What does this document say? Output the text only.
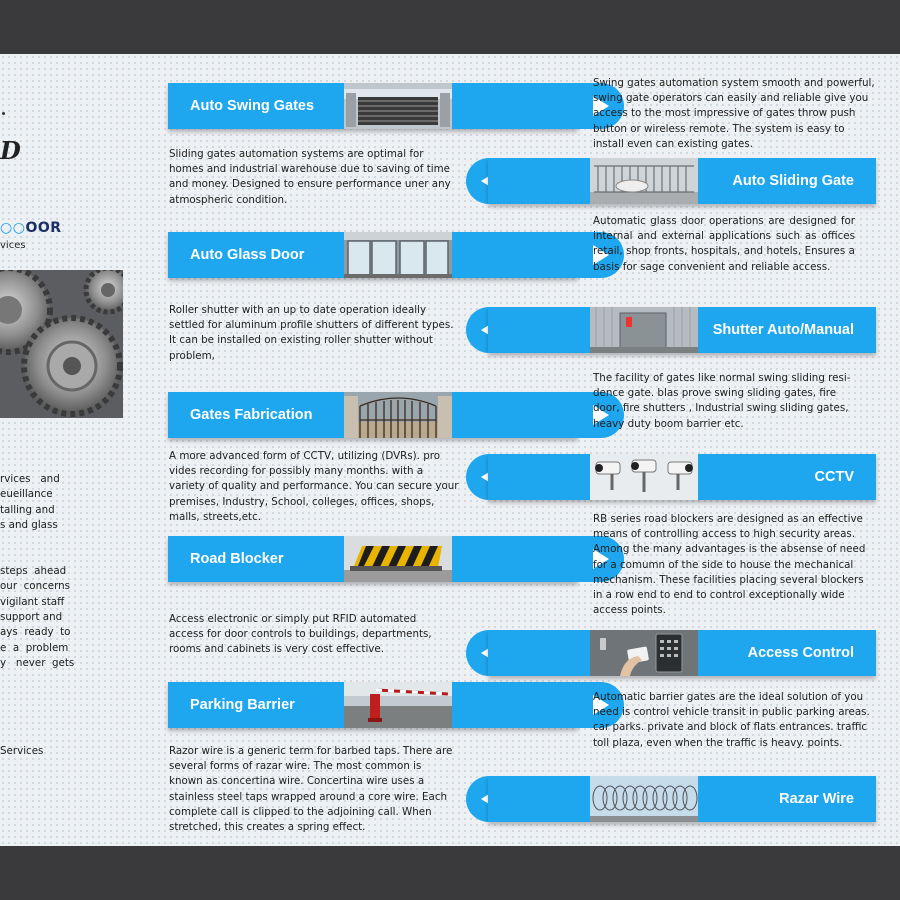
D
○○OOR
vices
rvices   and
eueillance
talling and
s and glass
steps  ahead
our  concerns
vigilant staff
support and
ays  ready  to
e  a  problem
y   never  gets
Services
Auto Swing Gates
Sliding gates automation systems are optimal for homes and industrial warehouse due to saving of time and money. Designed to ensure performance uner any atmospheric condition.
Auto Glass Door
Roller shutter with an up to date operation ideally settled for aluminum profile shutters of different types. It can be installed on existing roller shutter without problem,
Gates Fabrication
A more advanced form of CCTV, utilizing (DVRs). pro vides recording for possibly many months. with a variety of quality and performance. You can secure your premises, Industry, School, colleges, offices, shops, malls, streets,etc.
Road Blocker
Access electronic or simply put RFID automated access for door controls to buildings, departments, rooms and cabinets is very cost effective.
Parking Barrier
Razor wire is a generic term for barbed taps. There are several forms of razar wire. The most common is known as concertina wire. Concertina wire uses a stainless steel taps wrapped around a core wire. Each complete call is clipped to the adjoining call. When stretched, this creates a spring effect.
Swing gates automation system smooth and powerful, swing gate operators can easily and reliable give you access to the most impressive of gates throw push button or wireless remote. The system is easy to install even can existing gates.
Auto Sliding Gate
Automatic glass door operations are designed for internal and external applications such as offices retail, shop fronts, hospitals, and hotels, Ensures a basis for sage convenient and reliable access.
Shutter Auto/Manual
The facility of gates like normal swing sliding resi- dence gate. blas prove swing sliding gates, fire door, fire shutters , Industrial swing sliding gates, heavy duty boom barrier etc.
CCTV
RB series road blockers are designed as an effective means of controlling access to high security areas. Among the many advantages is the absense of need for a comumn of the side to house the mechanical mechanism. These facilities placing several blockers in a row end to end to control exceptionally wide access points.
Access Control
Automatic barrier gates are the ideal solution of you need is control vehicle transit in public parking areas. car parks. private and block of flats entrances. traffic toll plaza, even when the traffic is heavy. points.
Razar Wire
